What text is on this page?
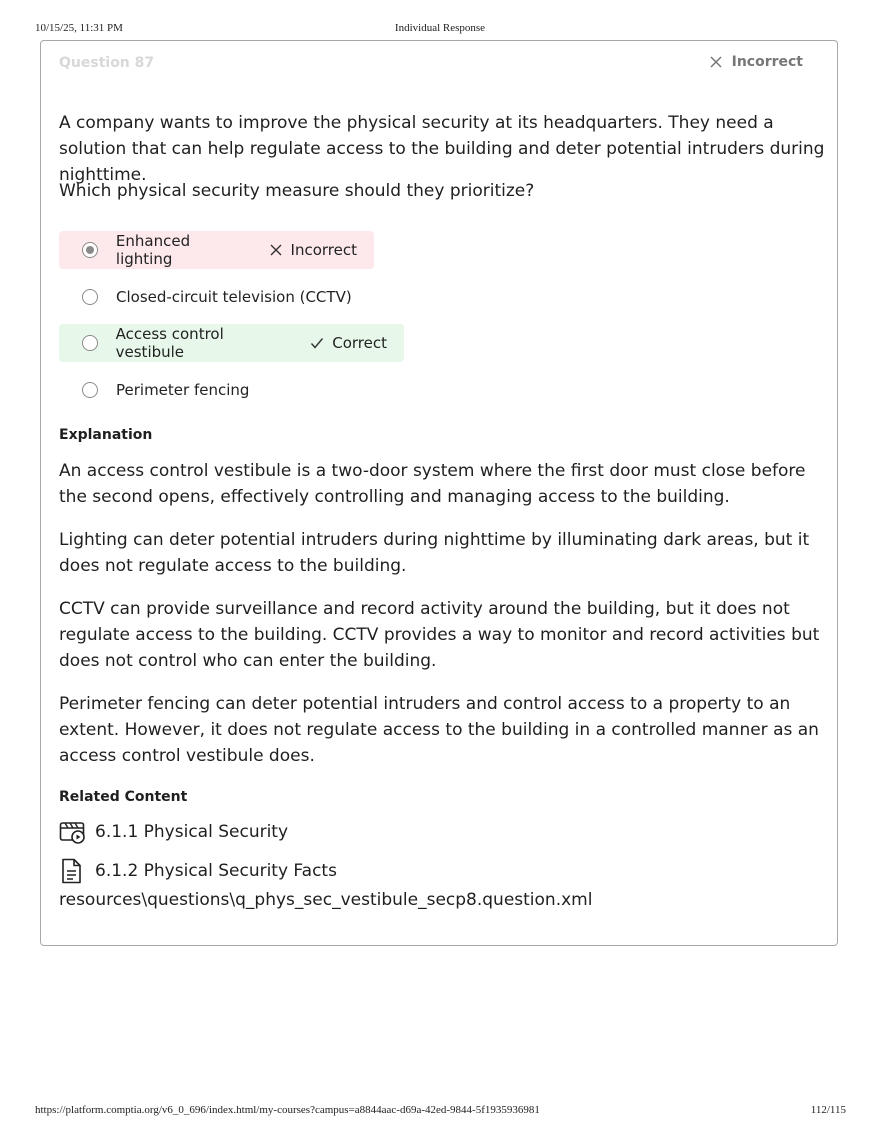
10/15/25, 11:31 PM	Individual Response
Question 87	Incorrect

A company wants to improve the physical security at its headquarters. They need a solution that can help regulate access to the building and deter potential intruders during nighttime.

Which physical security measure should they prioritize?

Enhanced lighting	Incorrect
Closed-circuit television (CCTV)
Access control vestibule	Correct
Perimeter fencing
Explanation

An access control vestibule is a two-door system where the first door must close before the second opens, effectively controlling and managing access to the building.

Lighting can deter potential intruders during nighttime by illuminating dark areas, but it does not regulate access to the building.

CCTV can provide surveillance and record activity around the building, but it does not regulate access to the building. CCTV provides a way to monitor and record activities but does not control who can enter the building.

Perimeter fencing can deter potential intruders and control access to a property to an extent. However, it does not regulate access to the building in a controlled manner as an access control vestibule does.

Related Content
6.1.1 Physical Security
6.1.2 Physical Security Facts
resources\questions\q_phys_sec_vestibule_secp8.question.xml
https://platform.comptia.org/v6_0_696/index.html/my-courses?campus=a8844aac-d69a-42ed-9844-5f1935936981	112/115
